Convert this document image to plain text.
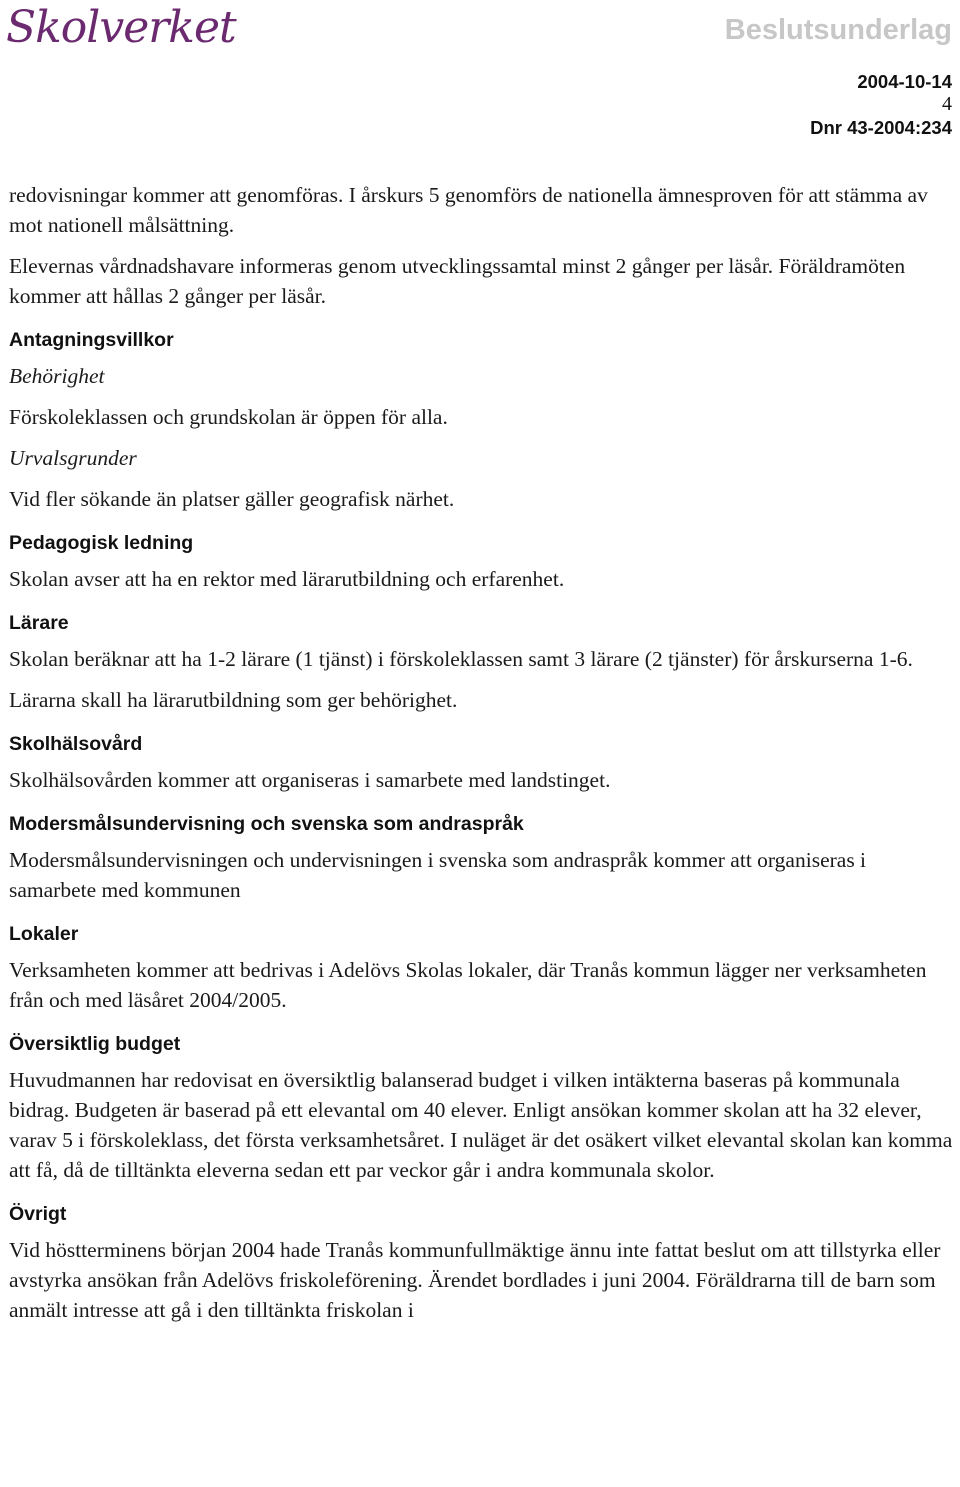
Skolverket	Beslutsunderlag
2004-10-14
4
Dnr 43-2004:234

redovisningar kommer att genomföras. I årskurs 5 genomförs de nationella ämnesproven för att stämma av mot nationell målsättning.

Elevernas vårdnadshavare informeras genom utvecklingssamtal minst 2 gånger per läsår. Föräldramöten kommer att hållas 2 gånger per läsår.

Antagningsvillkor
Behörighet

Förskoleklassen och grundskolan är öppen för alla.

Urvalsgrunder

Vid fler sökande än platser gäller geografisk närhet.

Pedagogisk ledning

Skolan avser att ha en rektor med lärarutbildning och erfarenhet.

Lärare

Skolan beräknar att ha 1-2 lärare (1 tjänst) i förskoleklassen samt 3 lärare (2 tjänster) för årskurserna 1-6.

Lärarna skall ha lärarutbildning som ger behörighet.

Skolhälsovård

Skolhälsovården kommer att organiseras i samarbete med landstinget.

Modersmålsundervisning och svenska som andraspråk

Modersmålsundervisningen och undervisningen i svenska som andraspråk kommer att organiseras i samarbete med kommunen

Lokaler

Verksamheten kommer att bedrivas i Adelövs Skolas lokaler, där Tranås kommun lägger ner verksamheten från och med läsåret 2004/2005.

Översiktlig budget

Huvudmannen har redovisat en översiktlig balanserad budget i vilken intäkterna baseras på kommunala bidrag. Budgeten är baserad på ett elevantal om 40 elever. Enligt ansökan kommer skolan att ha 32 elever, varav 5 i förskoleklass, det första verksamhetsåret. I nuläget är det osäkert vilket elevantal skolan kan komma att få, då de tilltänkta eleverna sedan ett par veckor går i andra kommunala skolor.

Övrigt

Vid höstterminens början 2004 hade Tranås kommunfullmäktige ännu inte fattat beslut om att tillstyrka eller avstyrka ansökan från Adelövs friskoleförening. Ärendet bordlades i juni 2004. Föräldrarna till de barn som anmält intresse att gå i den tilltänkta friskolan i
